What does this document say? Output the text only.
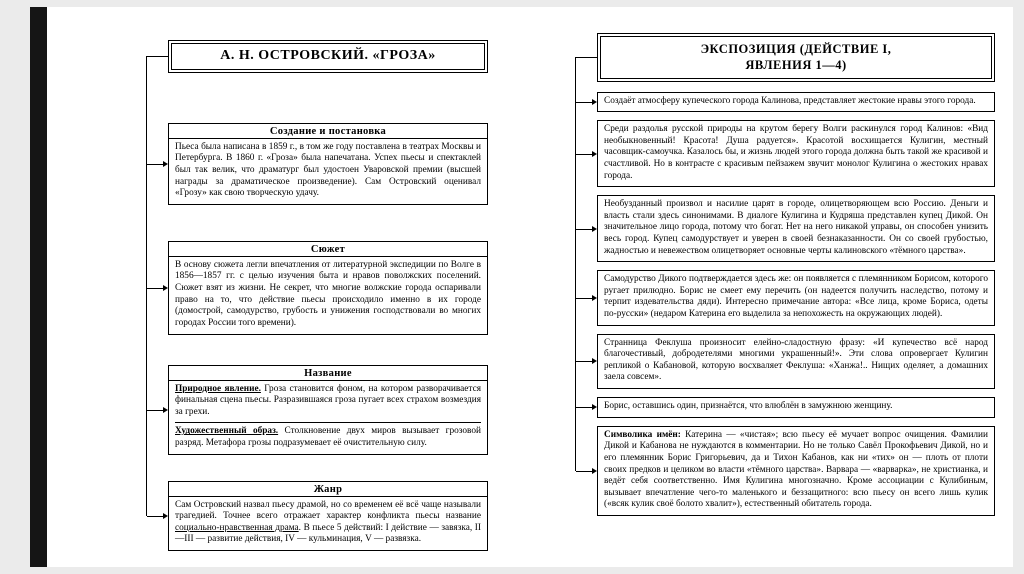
А. Н. ОСТРОВСКИЙ. «ГРОЗА»
Создание и постановка
Пьеса была написана в 1859 г., в том же году поставлена в театрах Москвы и Петербурга. В 1860 г. «Гроза» была напечатана. Успех пьесы и спектаклей был так велик, что драматург был удостоен Уваровской премии (высшей награды за драматическое произведение). Сам Островский оценивал «Грозу» как свою творческую удачу.
Сюжет
В основу сюжета легли впечатления от литературной экспедиции по Волге в 1856—1857 гг. с целью изучения быта и нравов поволжских поселений. Сюжет взят из жизни. Не секрет, что многие волжские города оспаривали право на то, что действие пьесы происходило именно в их городе (домострой, самодурство, грубость и унижения господствовали во многих городах России того времени).
Название

Природное явление. Гроза становится фоном, на котором разворачивается финальная сцена пьесы. Разразившаяся гроза пугает всех страхом возмездия за грехи.

Художественный образ. Столкновение двух миров вызывает грозовой разряд. Метафора грозы подразумевает её очистительную силу.

Жанр
Сам Островский назвал пьесу драмой, но со временем её всё чаще называли трагедией. Точнее всего отражает характер конфликта пьесы название социально-нравственная драма. В пьесе 5 действий: I действие — завязка, II—III — развитие действия, IV — кульминация, V — развязка.
ЭКСПОЗИЦИЯ (ДЕЙСТВИЕ I,
ЯВЛЕНИЯ 1—4)
Создаёт атмосферу купеческого города Калинова, представляет жестокие нравы этого города.
Среди раздолья русской природы на крутом берегу Волги раскинулся город Калинов: «Вид необыкновенный! Красота! Душа радуется». Красотой восхищается Кулигин, местный часовщик-самоучка. Казалось бы, и жизнь людей этого города должна быть такой же красивой и счастливой. Но в контрасте с красивым пейзажем звучит монолог Кулигина о жестоких нравах города.
Необузданный произвол и насилие царят в городе, олицетворяющем всю Россию. Деньги и власть стали здесь синонимами. В диалоге Кулигина и Кудряша представлен купец Дикой. Он значительное лицо города, потому что богат. Нет на него никакой управы, он способен унизить весь город. Купец самодурствует и уверен в своей безнаказанности. Он со своей грубостью, жадностью и невежеством олицетворяет основные черты калиновского «тёмного царства».
Самодурство Дикого подтверждается здесь же: он появляется с племянником Борисом, которого ругает прилюдно. Борис не смеет ему перечить (он надеется получить наследство, потому и терпит издевательства дяди). Интересно примечание автора: «Все лица, кроме Бориса, одеты по-русски» (недаром Катерина его выделила за непохожесть на окружающих людей).
Странница Феклуша произносит елейно-сладостную фразу: «И купечество всё народ благочестивый, добродетелями многими украшенный!». Эти слова опровергает Кулигин репликой о Кабановой, которую восхваляет Феклуша: «Ханжа!.. Нищих оделяет, а домашних заела совсем».
Борис, оставшись один, признаётся, что влюблён в замужнюю женщину.
Символика имён: Катерина — «чистая»; всю пьесу её мучает вопрос очищения. Фамилии Дикой и Кабанова не нуждаются в комментарии. Но не только Савёл Прокофьевич Дикой, но и его племянник Борис Григорьевич, да и Тихон Кабанов, как ни «тих» он — плоть от плоти своих предков и целиком во власти «тёмного царства». Варвара — «варварка», не христианка, и ведёт себя соответственно. Имя Кулигина многозначно. Кроме ассоциации с Кулибиным, вызывает впечатление чего-то маленького и беззащитного: всю пьесу он всего лишь кулик («всяк кулик своё болото хвалит»), естественный обитатель города.
